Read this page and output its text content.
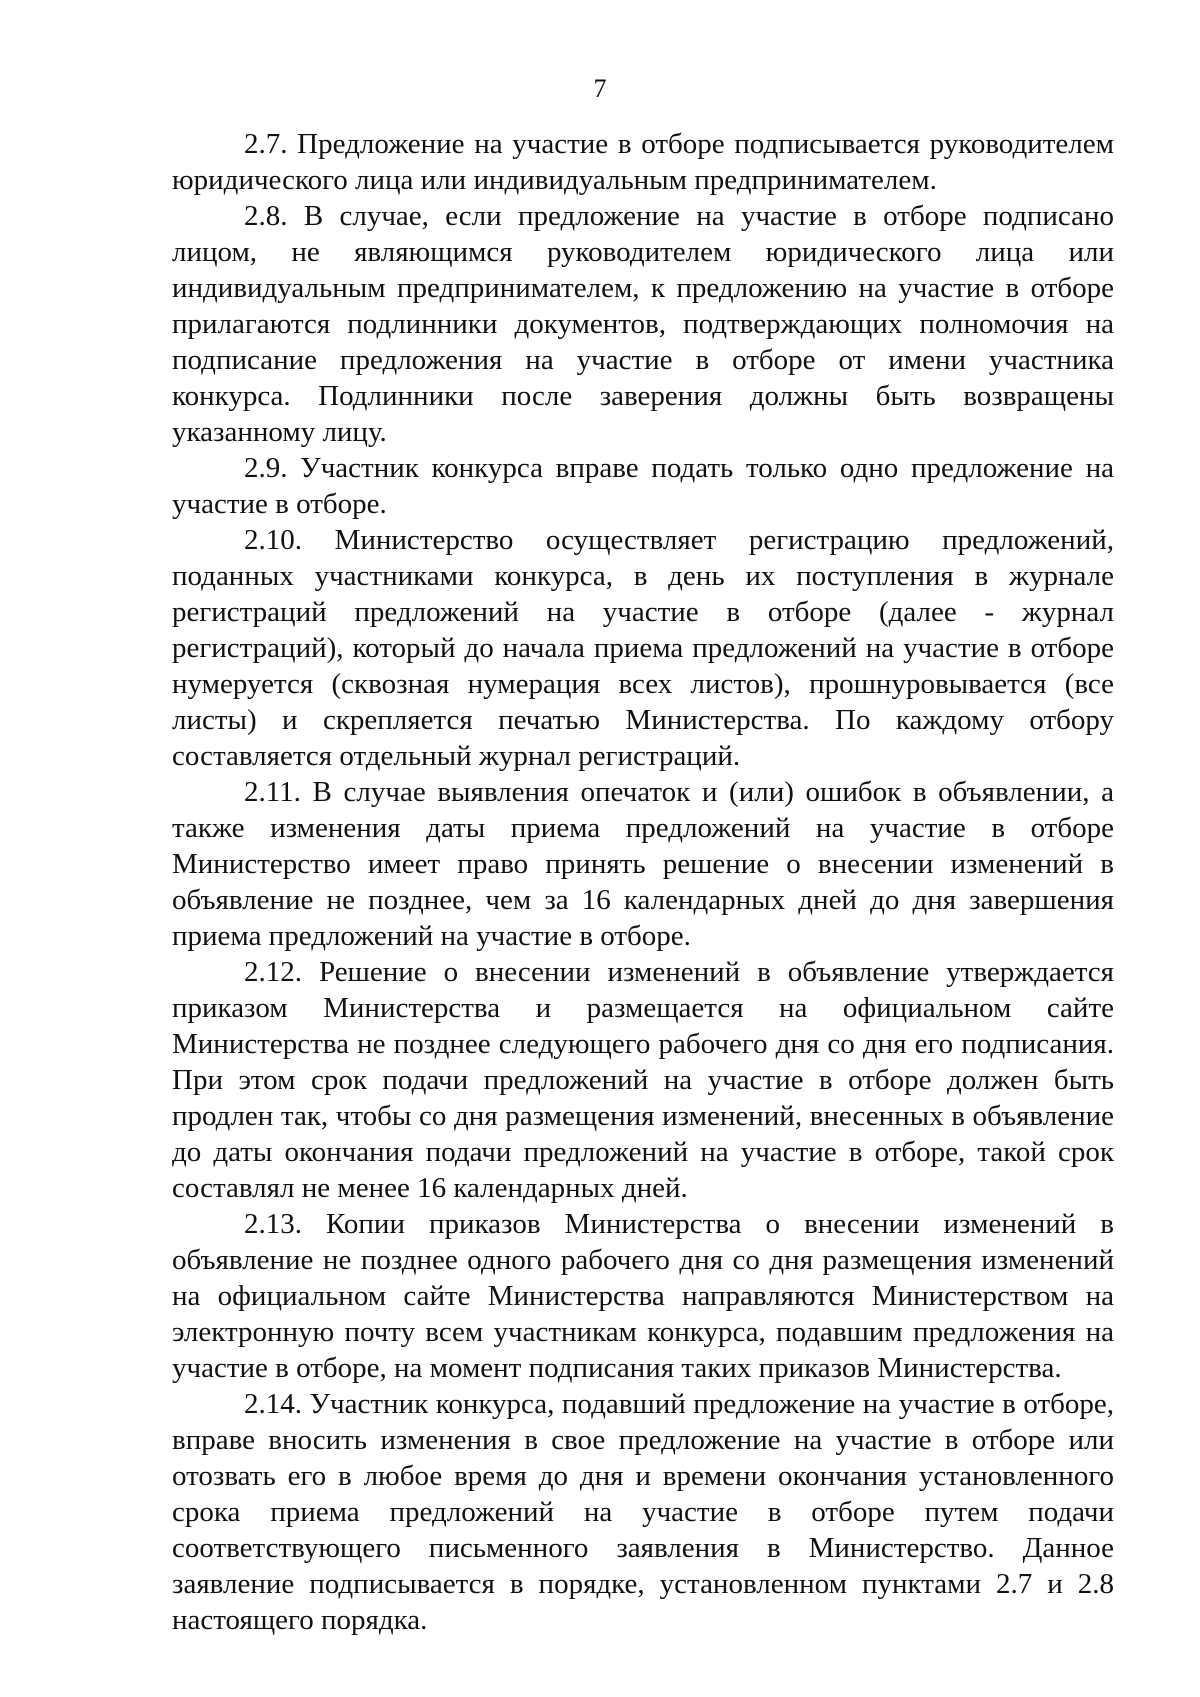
7

2.7. Предложение на участие в отборе подписывается руководителем юридического лица или индивидуальным предпринимателем.

2.8. В случае, если предложение на участие в отборе подписано лицом, не являющимся руководителем юридического лица или индивидуальным предпринимателем, к предложению на участие в отборе прилагаются подлинники документов, подтверждающих полномочия на подписание предложения на участие в отборе от имени участника конкурса. Подлинники после заверения должны быть возвращены указанному лицу.

2.9. Участник конкурса вправе подать только одно предложение на участие в отборе.

2.10. Министерство осуществляет регистрацию предложений, поданных участниками конкурса, в день их поступления в журнале регистраций предложений на участие в отборе (далее - журнал регистраций), который до начала приема предложений на участие в отборе нумеруется (сквозная нумерация всех листов), прошнуровывается (все листы) и скрепляется печатью Министерства. По каждому отбору составляется отдельный журнал регистраций.

2.11. В случае выявления опечаток и (или) ошибок в объявлении, а также изменения даты приема предложений на участие в отборе Министерство имеет право принять решение о внесении изменений в объявление не позднее, чем за 16 календарных дней до дня завершения приема предложений на участие в отборе.

2.12. Решение о внесении изменений в объявление утверждается приказом Министерства и размещается на официальном сайте Министерства не позднее следующего рабочего дня со дня его подписания. При этом срок подачи предложений на участие в отборе должен быть продлен так, чтобы со дня размещения изменений, внесенных в объявление до даты окончания подачи предложений на участие в отборе, такой срок составлял не менее 16 календарных дней.

2.13. Копии приказов Министерства о внесении изменений в объявление не позднее одного рабочего дня со дня размещения изменений на официальном сайте Министерства направляются Министерством на электронную почту всем участникам конкурса, подавшим предложения на участие в отборе, на момент подписания таких приказов Министерства.

2.14. Участник конкурса, подавший предложение на участие в отборе, вправе вносить изменения в свое предложение на участие в отборе или отозвать его в любое время до дня и времени окончания установленного срока приема предложений на участие в отборе путем подачи соответствующего письменного заявления в Министерство. Данное заявление подписывается в порядке, установленном пунктами 2.7 и 2.8 настоящего порядка.
